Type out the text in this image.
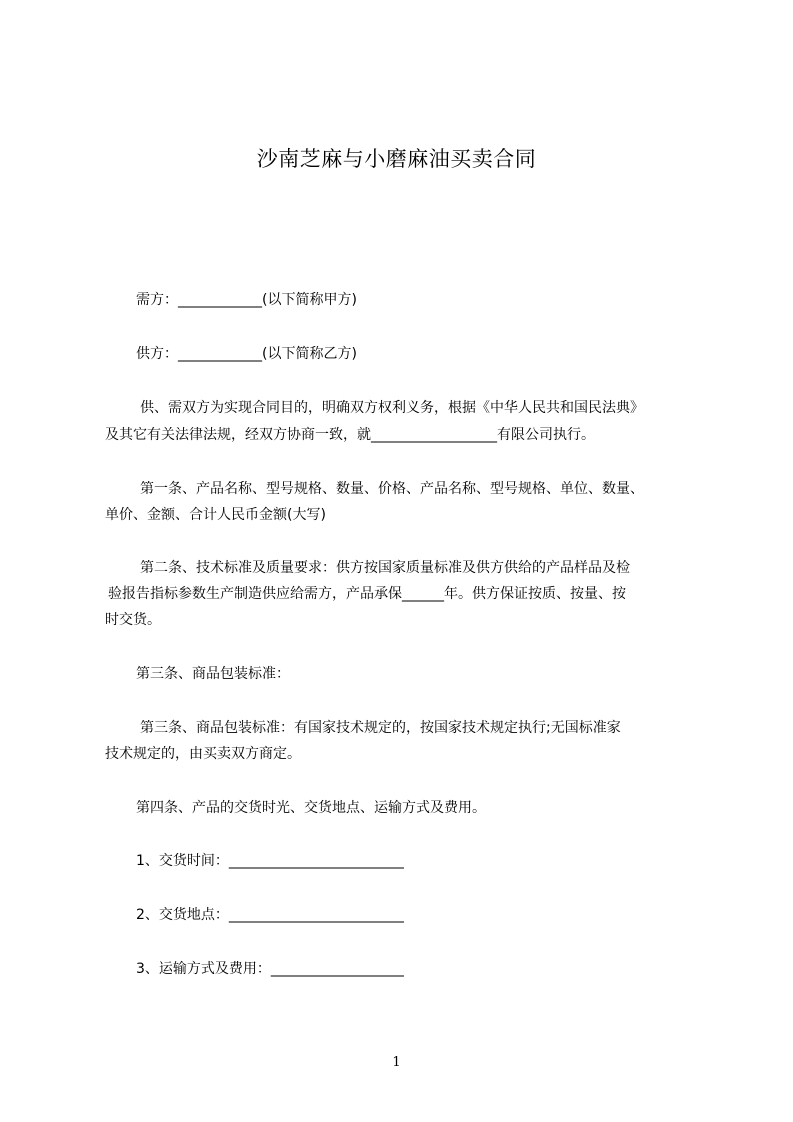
沙南芝麻与小磨麻油买卖合同
需方：____________(以下简称甲方)
供方：____________(以下简称乙方)
供、需双方为实现合同目的，明确双方权利义务，根据《中华人民共和国民法典》
及其它有关法律法规，经双方协商一致，就__________________有限公司执行。
第一条、产品名称、型号规格、数量、价格、产品名称、型号规格、单位、数量、
单价、金额、合计人民币金额(大写)
第二条、技术标准及质量要求：供方按国家质量标准及供方供给的产品样品及检
验报告指标参数生产制造供应给需方，产品承保______年。供方保证按质、按量、按
时交货。
第三条、商品包装标准：
第三条、商品包装标准：有国家技术规定的，按国家技术规定执行;无国标准家
技术规定的，由买卖双方商定。
第四条、产品的交货时光、交货地点、运输方式及费用。
1、交货时间：_________________________
2、交货地点：_________________________
3、运输方式及费用：___________________
1
